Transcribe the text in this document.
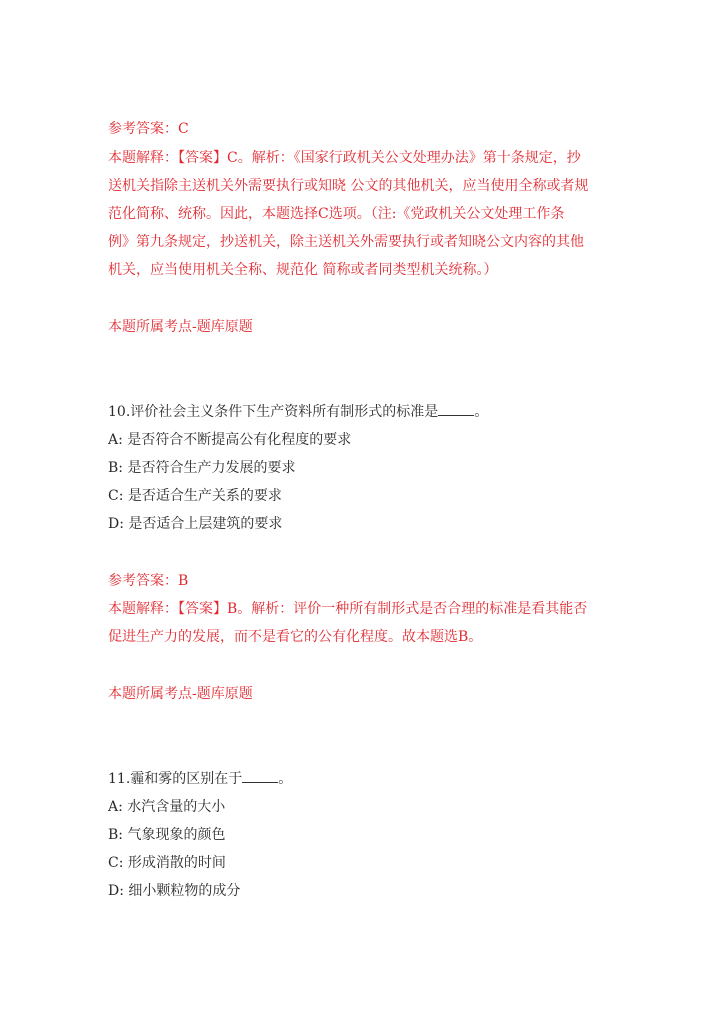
参考答案：C
本题解释：【答案】C。解析：《国家行政机关公文处理办法》第十条规定，抄
送机关指除主送机关外需要执行或知晓 公文的其他机关，应当使用全称或者规
范化简称、统称。因此，本题选择C选项。（注:《党政机关公文处理工作条
例》第九条规定，抄送机关，除主送机关外需要执行或者知晓公文内容的其他
机关，应当使用机关全称、规范化 简称或者同类型机关统称。）
本题所属考点-题库原题
10.评价社会主义条件下生产资料所有制形式的标准是	。
A: 是否符合不断提高公有化程度的要求
B: 是否符合生产力发展的要求
C: 是否适合生产关系的要求
D: 是否适合上层建筑的要求
参考答案：B
本题解释：【答案】B。解析：评价一种所有制形式是否合理的标准是看其能否
促进生产力的发展，而不是看它的公有化程度。故本题选B。
本题所属考点-题库原题
11.霾和雾的区别在于	。
A: 水汽含量的大小
B: 气象现象的颜色
C: 形成消散的时间
D: 细小颗粒物的成分
